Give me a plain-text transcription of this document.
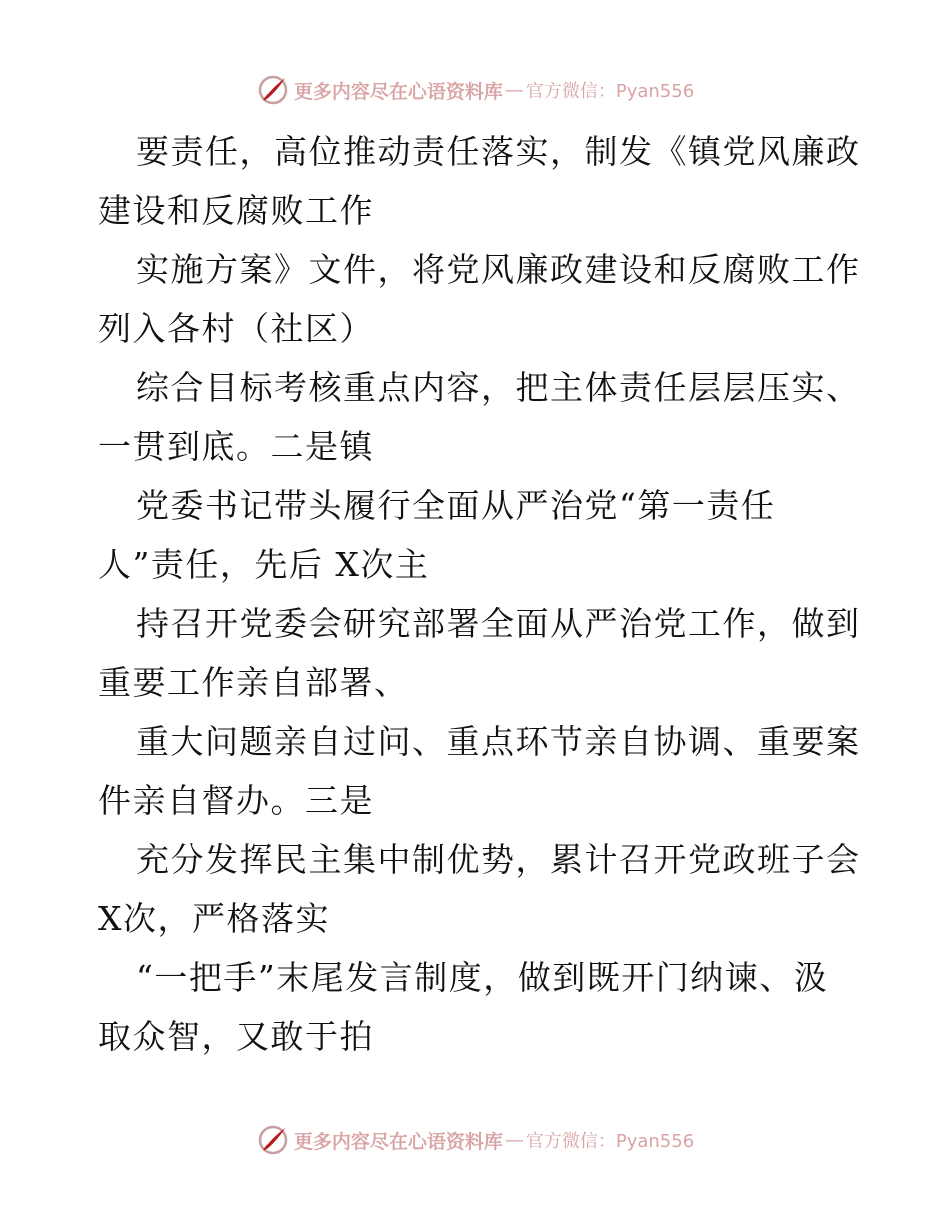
更多内容尽在心语资料库 — 官方微信：Pyan556
要责任，高位推动责任落实，制发《镇党风廉政
建设和反腐败工作
实施方案》文件，将党风廉政建设和反腐败工作
列入各村（社区）
综合目标考核重点内容，把主体责任层层压实、
一贯到底。二是镇
党委书记带头履行全面从严治党“第一责任
人”责任，先后 X次主
持召开党委会研究部署全面从严治党工作，做到
重要工作亲自部署、
重大问题亲自过问、重点环节亲自协调、重要案
件亲自督办。三是
充分发挥民主集中制优势，累计召开党政班子会
X次，严格落实
“一把手”末尾发言制度，做到既开门纳谏、汲
取众智，又敢于拍
更多内容尽在心语资料库 — 官方微信：Pyan556
